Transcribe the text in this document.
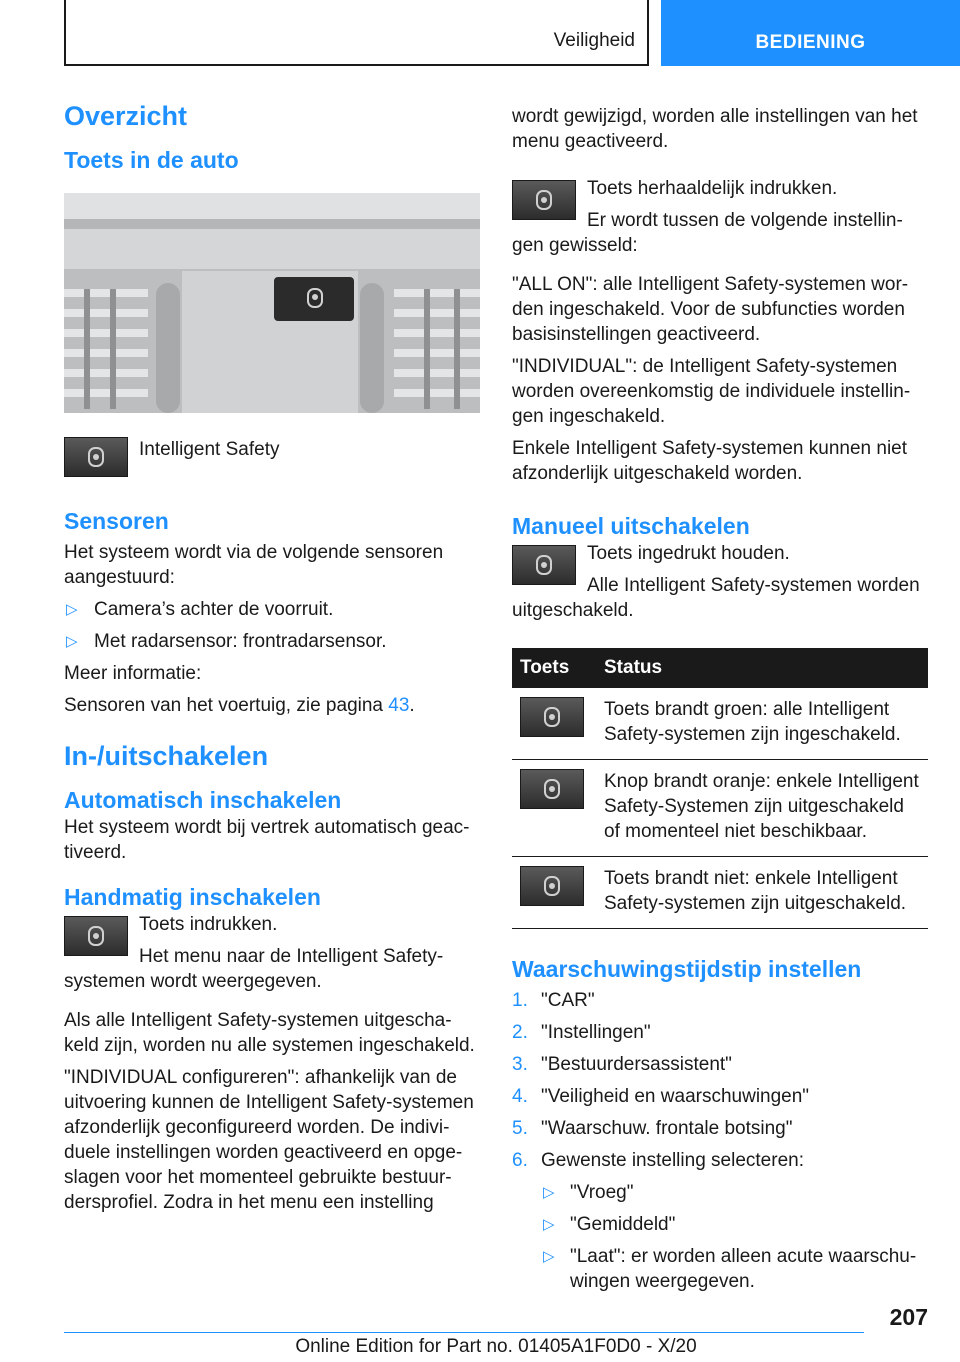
Veiligheid	BEDIENING
Overzicht
Toets in de auto

Intelligent Safety

Sensoren

Het systeem wordt via de volgende sensoren aangestuurd:

▷ Camera’s achter de voorruit.
▷ Met radarsensor: frontradarsensor.

Meer informatie:

Sensoren van het voertuig, zie pagina 43.

In-/uitschakelen
Automatisch inschakelen

Het systeem wordt bij vertrek automatisch geactiveerd.

Handmatig inschakelen

Toets indrukken.

Het menu naar de Intelligent Safety-systemen wordt weergegeven.

Als alle Intelligent Safety-systemen uitgeschakeld zijn, worden nu alle systemen ingeschakeld.

"INDIVIDUAL configureren": afhankelijk van de uitvoering kunnen de Intelligent Safety-systemen afzonderlijk geconfigureerd worden. De individuele instellingen worden geactiveerd en opgeslagen voor het momenteel gebruikte bestuurdersprofiel. Zodra in het menu een instelling

wordt gewijzigd, worden alle instellingen van het menu geactiveerd.

Toets herhaaldelijk indrukken.

Er wordt tussen de volgende instellingen gewisseld:

"ALL ON": alle Intelligent Safety-systemen worden ingeschakeld. Voor de subfuncties worden basisinstellingen geactiveerd.

"INDIVIDUAL": de Intelligent Safety-systemen worden overeenkomstig de individuele instellingen ingeschakeld.

Enkele Intelligent Safety-systemen kunnen niet afzonderlijk uitgeschakeld worden.

Manueel uitschakelen

Toets ingedrukt houden.

Alle Intelligent Safety-systemen worden uitgeschakeld.

Toets	Status

	Toets brandt groen: alle Intelligent Safety-systemen zijn ingeschakeld.

	Knop brandt oranje: enkele Intelligent Safety-Systemen zijn uitgeschakeld of momenteel niet beschikbaar.

	Toets brandt niet: enkele Intelligent Safety-systemen zijn uitgeschakeld.
Waarschuwingstijdstip instellen
1. "CAR"
2. "Instellingen"
3. "Bestuurdersassistent"
4. "Veiligheid en waarschuwingen"
5. "Waarschuw. frontale botsing"
6. Gewenste instelling selecteren:
▷ "Vroeg"
▷ "Gemiddeld"
▷ "Laat": er worden alleen acute waarschuwingen weergegeven.
207
Online Edition for Part no. 01405A1F0D0 - X/20
